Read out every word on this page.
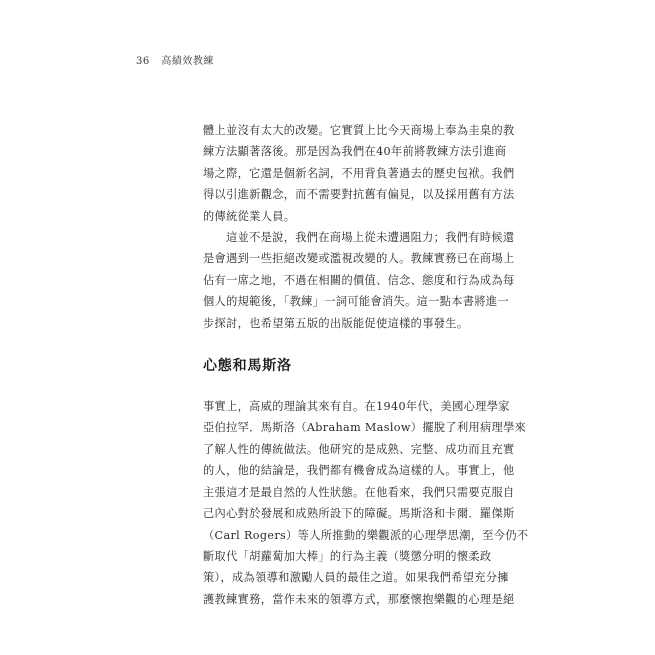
36 高績效教練

體上並沒有太大的改變。它實質上比今天商場上奉為圭臬的教
練方法顯著落後。那是因為我們在40年前將教練方法引進商
場之際，它還是個新名詞，不用背負著過去的歷史包袱。我們
得以引進新觀念，而不需要對抗舊有偏見，以及採用舊有方法
的傳統從業人員。

這並不是說，我們在商場上從未遭遇阻力；我們有時候還
是會遇到一些拒絕改變或濫視改變的人。教練實務已在商場上
佔有一席之地，不過在相關的價值、信念、態度和行為成為每
個人的規範後，「教練」一詞可能會消失。這一點本書將進一
步探討，也希望第五版的出版能促使這樣的事發生。

心態和馬斯洛

事實上，高威的理論其來有自。在1940年代，美國心理學家
亞伯拉罕．馬斯洛（Abraham Maslow）擺脫了利用病理學來
了解人性的傳統做法。他研究的是成熟、完整、成功而且充實
的人，他的結論是，我們都有機會成為這樣的人。事實上，他
主張這才是最自然的人性狀態。在他看來，我們只需要克服自
己內心對於發展和成熟所設下的障礙。馬斯洛和卡爾．羅傑斯
（Carl Rogers）等人所推動的樂觀派的心理學思潮，至今仍不
斷取代「胡蘿蔔加大棒」的行為主義（獎懲分明的懷柔政
策），成為領導和激勵人員的最佳之道。如果我們希望充分擁
護教練實務，當作未來的領導方式，那麼懷抱樂觀的心理是絕
